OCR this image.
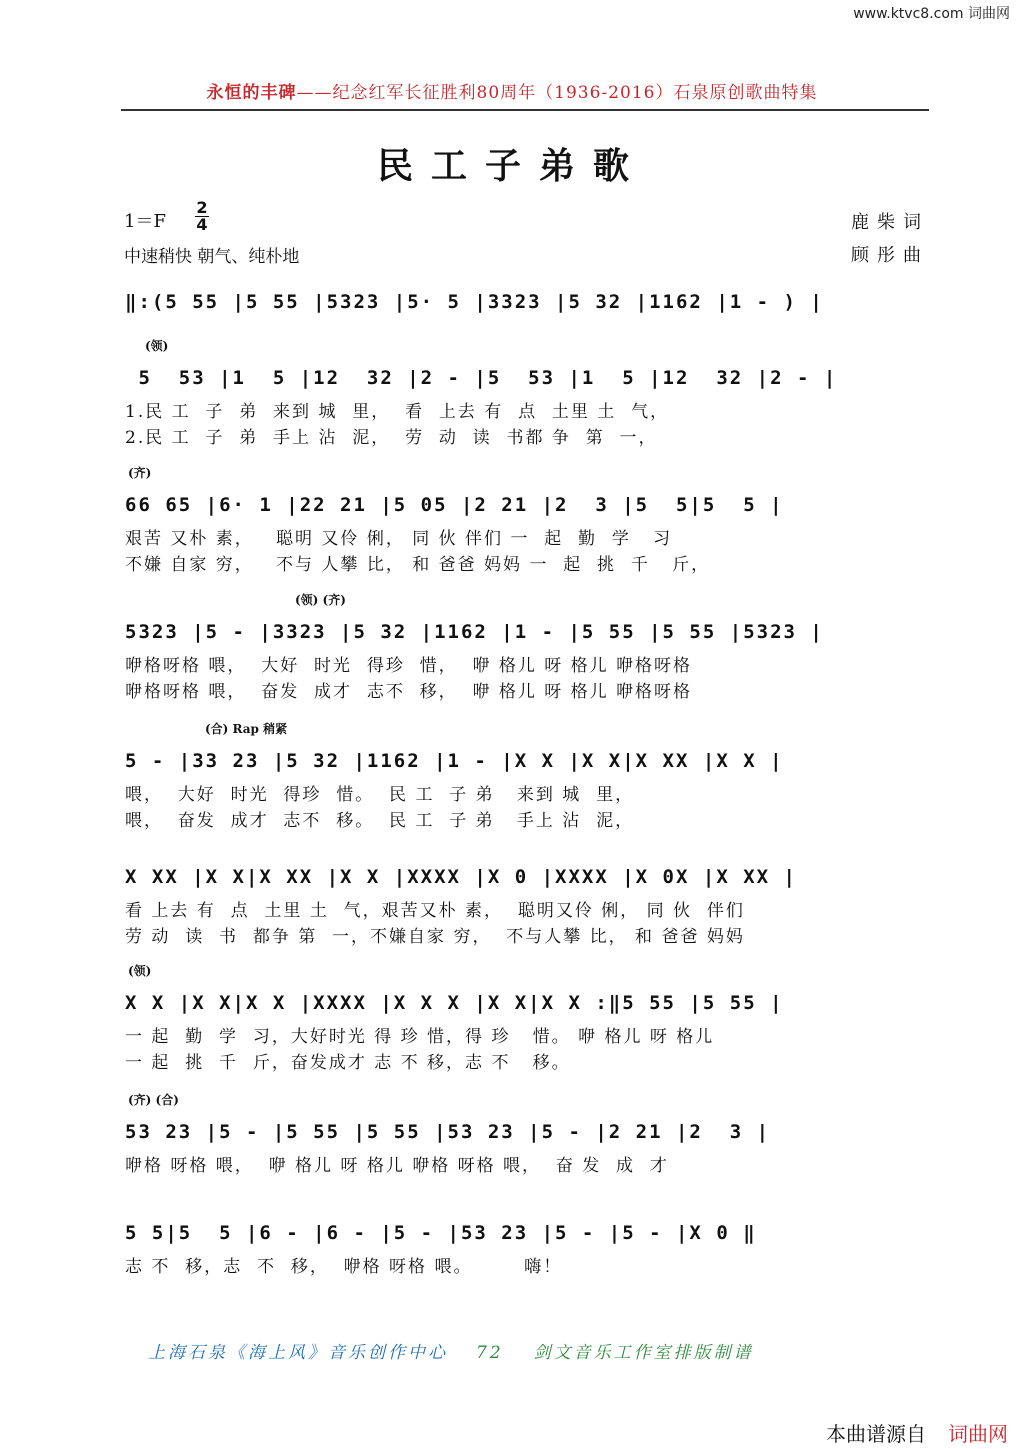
www.ktvc8.com 词曲网
永恒的丰碑——纪念红军长征胜利80周年（1936-2016）石泉原创歌曲特集
民工子弟歌
1＝F
2
4
中速稍快 朝气、纯朴地
鹿柴词
顾彤曲
‖:(5 55 |5 55 |5323 |5· 5 |3323 |5 32 |1162 |1 - ) |
(领)
5  53 |1  5 |12  32 |2 - |5  53 |1  5 |12  32 |2 - |
1.民 工  子  弟  来到 城  里，  看  上去 有  点  土里 土  气，
2.民 工  子  弟  手上 沾  泥，  劳  动  读  书都 争  第  一，
(齐)
66 65 |6· 1 |22 21 |5 05 |2 21 |2  3 |5  5|5  5 |
艰苦 又朴 素，   聪明 又伶 俐， 同 伙 伴们 一  起  勤  学   习
不嫌 自家 穷，   不与 人攀 比， 和 爸爸 妈妈 一  起  挑  千   斤，
(领) (齐)
5323 |5 - |3323 |5 32 |1162 |1 - |5 55 |5 55 |5323 |
咿格呀格 喂，  大好  时光  得珍  惜，  咿 格儿 呀 格儿 咿格呀格
咿格呀格 喂，  奋发  成才  志不  移，  咿 格儿 呀 格儿 咿格呀格
(合) Rap 稍紧
5 - |33 23 |5 32 |1162 |1 - |X X |X X|X XX |X X |
喂，  大好  时光  得珍  惜。  民 工  子 弟   来到 城  里，
喂，  奋发  成才  志不  移。  民 工  子 弟   手上 沾  泥，
X XX |X X|X XX |X X |XXXX |X 0 |XXXX |X 0X |X XX |
看 上去 有  点  土里 土  气，艰苦又朴 素，  聪明又伶 俐， 同 伙  伴们
劳 动  读  书  都争 第  一，不嫌自家 穷，  不与人攀 比， 和 爸爸 妈妈
(领)
X X |X X|X X |XXXX |X X X |X X|X X :‖5 55 |5 55 |
一 起  勤  学  习，大好时光 得 珍 惜，得 珍   惜。 咿 格儿 呀 格儿
一 起  挑  千  斤，奋发成才 志 不 移，志 不   移。
(齐) (合)
53 23 |5 - |5 55 |5 55 |53 23 |5 - |2 21 |2  3 |
咿格 呀格 喂，  咿 格儿 呀 格儿 咿格 呀格 喂，  奋 发  成  才
5 5|5  5 |6 - |6 - |5 - |53 23 |5 - |5 - |X 0 ‖
志 不  移，志  不  移，  咿格 呀格 喂。       嗨！
上海石泉《海上风》音乐创作中心 72 剑文音乐工作室排版制谱
本曲谱源自 词曲网
